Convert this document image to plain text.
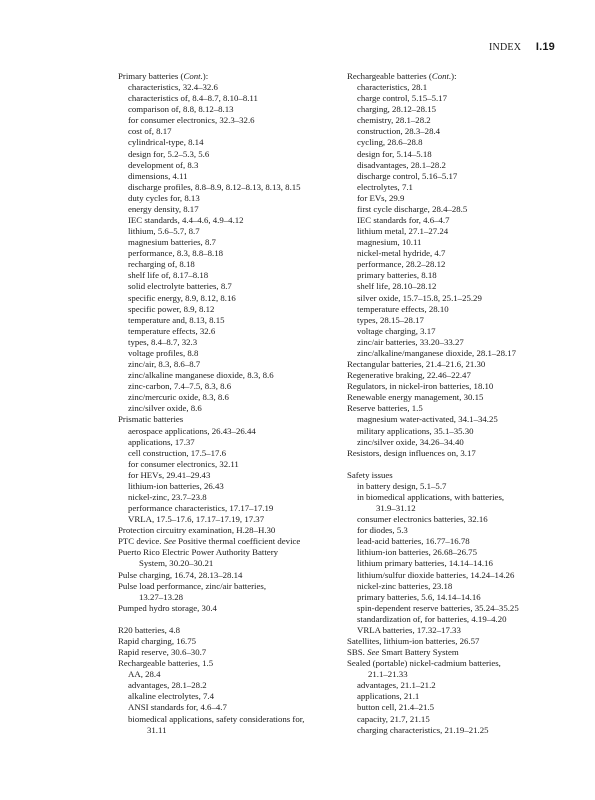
INDEX I.19
Primary batteries (Cont.):
characteristics, 32.4–32.6
characteristics of, 8.4–8.7, 8.10–8.11
comparison of, 8.8, 8.12–8.13
for consumer electronics, 32.3–32.6
cost of, 8.17
cylindrical-type, 8.14
design for, 5.2–5.3, 5.6
development of, 8.3
dimensions, 4.11
discharge profiles, 8.8–8.9, 8.12–8.13, 8.13, 8.15
duty cycles for, 8.13
energy density, 8.17
IEC standards, 4.4–4.6, 4.9–4.12
lithium, 5.6–5.7, 8.7
magnesium batteries, 8.7
performance, 8.3, 8.8–8.18
recharging of, 8.18
shelf life of, 8.17–8.18
solid electrolyte batteries, 8.7
specific energy, 8.9, 8.12, 8.16
specific power, 8.9, 8.12
temperature and, 8.13, 8.15
temperature effects, 32.6
types, 8.4–8.7, 32.3
voltage profiles, 8.8
zinc/air, 8.3, 8.6–8.7
zinc/alkaline manganese dioxide, 8.3, 8.6
zinc-carbon, 7.4–7.5, 8.3, 8.6
zinc/mercuric oxide, 8.3, 8.6
zinc/silver oxide, 8.6
Prismatic batteries
aerospace applications, 26.43–26.44
applications, 17.37
cell construction, 17.5–17.6
for consumer electronics, 32.11
for HEVs, 29.41–29.43
lithium-ion batteries, 26.43
nickel-zinc, 23.7–23.8
performance characteristics, 17.17–17.19
VRLA, 17.5–17.6, 17.17–17.19, 17.37
Protection circuitry examination, H.28–H.30
PTC device. See Positive thermal coefficient device
Puerto Rico Electric Power Authority Battery
System, 30.20–30.21
Pulse charging, 16.74, 28.13–28.14
Pulse load performance, zinc/air batteries,
13.27–13.28
Pumped hydro storage, 30.4
R20 batteries, 4.8
Rapid charging, 16.75
Rapid reserve, 30.6–30.7
Rechargeable batteries, 1.5
AA, 28.4
advantages, 28.1–28.2
alkaline electrolytes, 7.4
ANSI standards for, 4.6–4.7
biomedical applications, safety considerations for,
31.11
Rechargeable batteries (Cont.):
characteristics, 28.1
charge control, 5.15–5.17
charging, 28.12–28.15
chemistry, 28.1–28.2
construction, 28.3–28.4
cycling, 28.6–28.8
design for, 5.14–5.18
disadvantages, 28.1–28.2
discharge control, 5.16–5.17
electrolytes, 7.1
for EVs, 29.9
first cycle discharge, 28.4–28.5
IEC standards for, 4.6–4.7
lithium metal, 27.1–27.24
magnesium, 10.11
nickel-metal hydride, 4.7
performance, 28.2–28.12
primary batteries, 8.18
shelf life, 28.10–28.12
silver oxide, 15.7–15.8, 25.1–25.29
temperature effects, 28.10
types, 28.15–28.17
voltage charging, 3.17
zinc/air batteries, 33.20–33.27
zinc/alkaline/manganese dioxide, 28.1–28.17
Rectangular batteries, 21.4–21.6, 21.30
Regenerative braking, 22.46–22.47
Regulators, in nickel-iron batteries, 18.10
Renewable energy management, 30.15
Reserve batteries, 1.5
magnesium water-activated, 34.1–34.25
military applications, 35.1–35.30
zinc/silver oxide, 34.26–34.40
Resistors, design influences on, 3.17
Safety issues
in battery design, 5.1–5.7
in biomedical applications, with batteries,
31.9–31.12
consumer electronics batteries, 32.16
for diodes, 5.3
lead-acid batteries, 16.77–16.78
lithium-ion batteries, 26.68–26.75
lithium primary batteries, 14.14–14.16
lithium/sulfur dioxide batteries, 14.24–14.26
nickel-zinc batteries, 23.18
primary batteries, 5.6, 14.14–14.16
spin-dependent reserve batteries, 35.24–35.25
standardization of, for batteries, 4.19–4.20
VRLA batteries, 17.32–17.33
Satellites, lithium-ion batteries, 26.57
SBS. See Smart Battery System
Sealed (portable) nickel-cadmium batteries,
21.1–21.33
advantages, 21.1–21.2
applications, 21.1
button cell, 21.4–21.5
capacity, 21.7, 21.15
charging characteristics, 21.19–21.25
